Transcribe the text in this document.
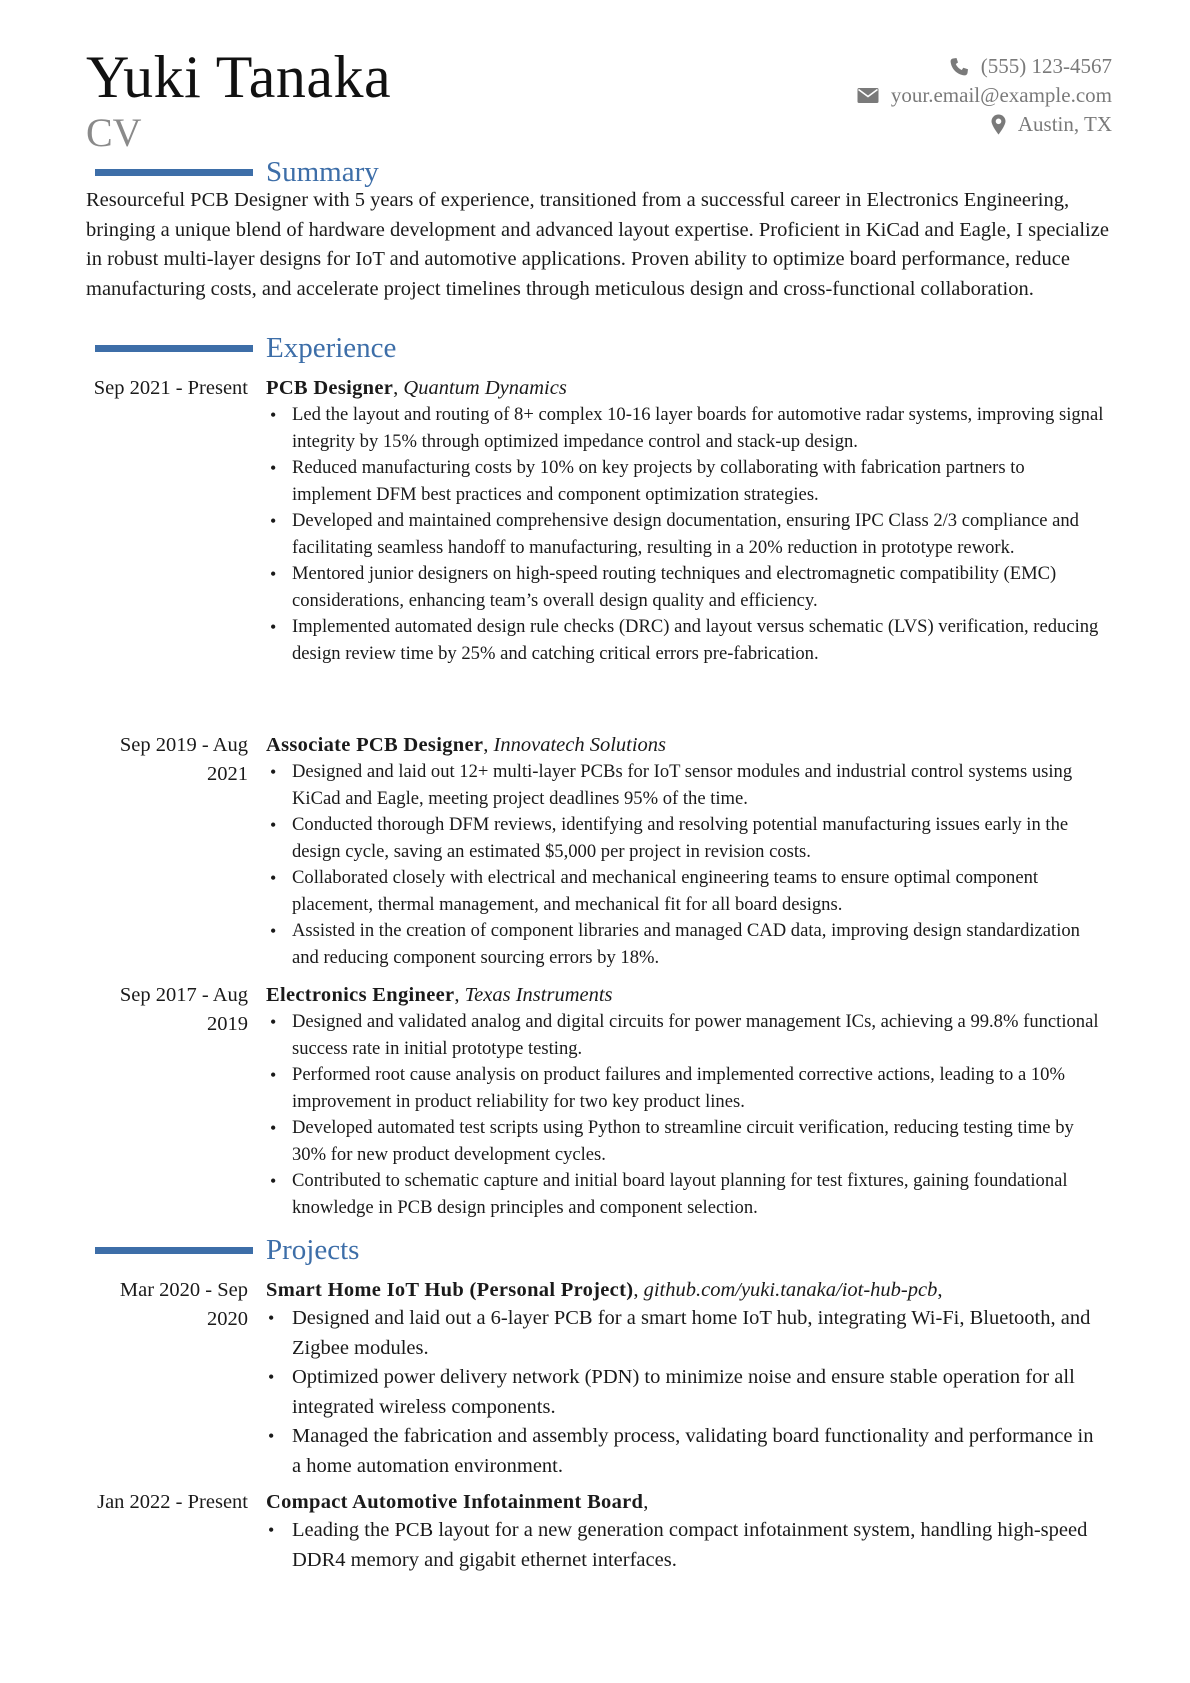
Yuki Tanaka
CV
(555) 123-4567
your.email@example.com
Austin, TX
Summary
Resourceful PCB Designer with 5 years of experience, transitioned from a successful career in Electronics Engineering, bringing a unique blend of hardware development and advanced layout expertise. Proficient in KiCad and Eagle, I specialize in robust multi-layer designs for IoT and automotive applications. Proven ability to optimize board performance, reduce manufacturing costs, and accelerate project timelines through meticulous design and cross-functional collaboration.
Experience
Sep 2021 - Present PCB Designer, Quantum Dynamics
• Led the layout and routing of 8+ complex 10-16 layer boards for automotive radar systems, improving signal integrity by 15% through optimized impedance control and stack-up design.
• Reduced manufacturing costs by 10% on key projects by collaborating with fabrication partners to implement DFM best practices and component optimization strategies.
• Developed and maintained comprehensive design documentation, ensuring IPC Class 2/3 compliance and facilitating seamless handoff to manufacturing, resulting in a 20% reduction in prototype rework.
• Mentored junior designers on high-speed routing techniques and electromagnetic compatibility (EMC) considerations, enhancing team’s overall design quality and efficiency.
• Implemented automated design rule checks (DRC) and layout versus schematic (LVS) verification, reducing design review time by 25% and catching critical errors pre-fabrication.
Sep 2019 - Aug 2021
Associate PCB Designer, Innovatech Solutions
• Designed and laid out 12+ multi-layer PCBs for IoT sensor modules and industrial control systems using KiCad and Eagle, meeting project deadlines 95% of the time.
• Conducted thorough DFM reviews, identifying and resolving potential manufacturing issues early in the design cycle, saving an estimated $5,000 per project in revision costs.
• Collaborated closely with electrical and mechanical engineering teams to ensure optimal component placement, thermal management, and mechanical fit for all board designs.
• Assisted in the creation of component libraries and managed CAD data, improving design standardization and reducing component sourcing errors by 18%.
Sep 2017 - Aug 2019
Electronics Engineer, Texas Instruments
• Designed and validated analog and digital circuits for power management ICs, achieving a 99.8% functional success rate in initial prototype testing.
• Performed root cause analysis on product failures and implemented corrective actions, leading to a 10% improvement in product reliability for two key product lines.
• Developed automated test scripts using Python to streamline circuit verification, reducing testing time by 30% for new product development cycles.
• Contributed to schematic capture and initial board layout planning for test fixtures, gaining foundational knowledge in PCB design principles and component selection.
Projects
Mar 2020 - Sep 2020
Smart Home IoT Hub (Personal Project), github.com/yuki.tanaka/iot-hub-pcb,
• Designed and laid out a 6-layer PCB for a smart home IoT hub, integrating Wi-Fi, Bluetooth, and Zigbee modules.
• Optimized power delivery network (PDN) to minimize noise and ensure stable operation for all integrated wireless components.
• Managed the fabrication and assembly process, validating board functionality and performance in a home automation environment.
Jan 2022 - Present Compact Automotive Infotainment Board,
• Leading the PCB layout for a new generation compact infotainment system, handling high-speed DDR4 memory and gigabit ethernet interfaces.
